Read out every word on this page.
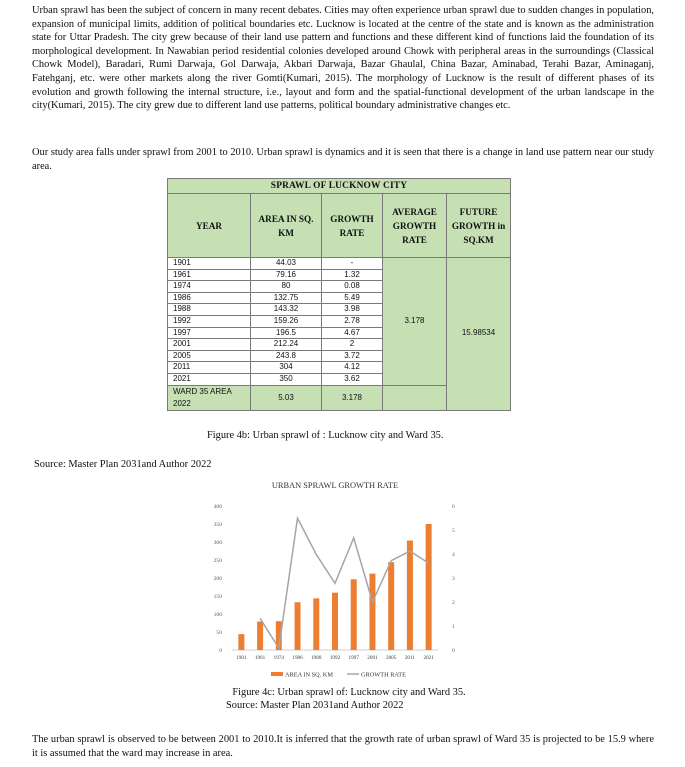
Urban sprawl has been the subject of concern in many recent debates. Cities may often experience urban sprawl due to sudden changes in population, expansion of municipal limits, addition of political boundaries etc. Lucknow is located at the centre of the state and is known as the administration state for Uttar Pradesh. The city grew because of their land use pattern and functions and these different kind of functions laid the foundation of its morphological development. In Nawabian period residential colonies developed around Chowk with peripheral areas in the surroundings (Classical Chowk Model), Baradari, Rumi Darwaja, Gol Darwaja, Akbari Darwaja, Bazar Ghaulal, China Bazar, Aminabad, Terahi Bazar, Aminaganj, Fatehganj, etc. were other markets along the river Gomti(Kumari, 2015). The morphology of Lucknow is the result of different phases of its evolution and growth following the internal structure, i.e., layout and form and the spatial-functional development of the urban landscape in the city(Kumari, 2015). The city grew due to different land use patterns, political boundary administrative changes etc.

Our study area falls under sprawl from 2001 to 2010. Urban sprawl is dynamics and it is seen that there is a change in land use pattern near our study area.

SPRAWL OF LUCKNOW CITY				
YEAR	AREA IN SQ. KM	GROWTH RATE	AVERAGE GROWTH RATE	FUTURE GROWTH in SQ.KM
1901	44.03	-	3.178	15.98534
1961	79.16	1.32		
1974	80	0.08		
1986	132.75	5.49		
1988	143.32	3.98		
1992	159.26	2.78		
1997	196.5	4.67		
2001	212.24	2		
2005	243.8	3.72		
2011	304	4.12		
2021	350	3.62		
WARD 35 AREA 2022	5.03	3.178		

Figure 4b: Urban sprawl of : Lucknow city and Ward 35.

Source: Master Plan 2031and Author 2022

URBAN SPRAWL GROWTH RATE
0
50
100
150
200
250
300
350
400
0
1
2
3
4
5
6
1901 1961 1974 1986 1988 1992 1997 2001 2005 2011 2021
AREA IN SQ. KM	GROWTH RATE

Figure 4c: Urban sprawl of: Lucknow city and Ward 35.

Source: Master Plan 2031and Author 2022

The urban sprawl is observed to be between 2001 to 2010.It is inferred that the growth rate of urban sprawl of Ward 35 is projected to be 15.9 where it is assumed that the ward may increase in area.
